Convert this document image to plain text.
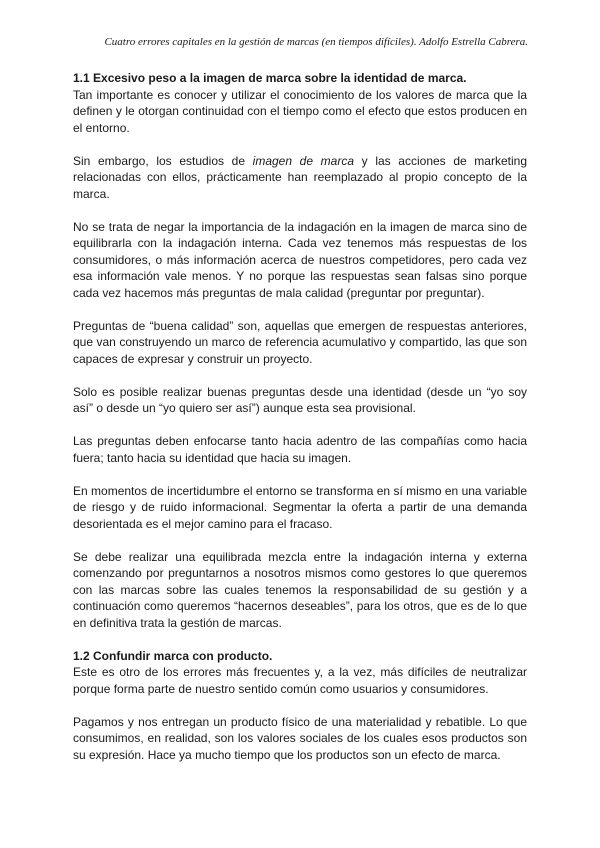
Cuatro errores capitales en la gestión de marcas (en tiempos difíciles). Adolfo Estrella Cabrera.
1.1 Excesivo peso a la imagen de marca sobre la identidad de marca.

Tan importante es conocer y utilizar el conocimiento de los valores de marca que la definen y le otorgan continuidad con el tiempo como el efecto que estos producen en el entorno.

Sin embargo, los estudios de imagen de marca y las acciones de marketing relacionadas con ellos, prácticamente han reemplazado al propio concepto de la marca.

No se trata de negar la importancia de la indagación en la imagen de marca sino de equilibrarla con la indagación interna. Cada vez tenemos más respuestas de los consumidores, o más información acerca de nuestros competidores, pero cada vez esa información vale menos. Y no porque las respuestas sean falsas sino porque cada vez hacemos más preguntas de mala calidad (preguntar por preguntar).

Preguntas de “buena calidad” son, aquellas que emergen de respuestas anteriores, que van construyendo un marco de referencia acumulativo y compartido, las que son capaces de expresar y construir un proyecto.

Solo es posible realizar buenas preguntas desde una identidad (desde un “yo soy así” o desde un “yo quiero ser así”) aunque esta sea provisional.

Las preguntas deben enfocarse tanto hacia adentro de las compañías como hacia fuera; tanto hacia su identidad que hacia su imagen.

En momentos de incertidumbre el entorno se transforma en sí mismo en una variable de riesgo y de ruido informacional. Segmentar la oferta a partir de una demanda desorientada es el mejor camino para el fracaso.

Se debe realizar una equilibrada mezcla entre la indagación interna y externa comenzando por preguntarnos a nosotros mismos como gestores lo que queremos con las marcas sobre las cuales tenemos la responsabilidad de su gestión y a continuación como queremos “hacernos deseables”, para los otros, que es de lo que en definitiva trata la gestión de marcas.

1.2 Confundir marca con producto.

Este es otro de los errores más frecuentes y, a la vez, más difíciles de neutralizar porque forma parte de nuestro sentido común como usuarios y consumidores.

Pagamos y nos entregan un producto físico de una materialidad y rebatible. Lo que consumimos, en realidad, son los valores sociales de los cuales esos productos son su expresión. Hace ya mucho tiempo que los productos son un efecto de marca.
